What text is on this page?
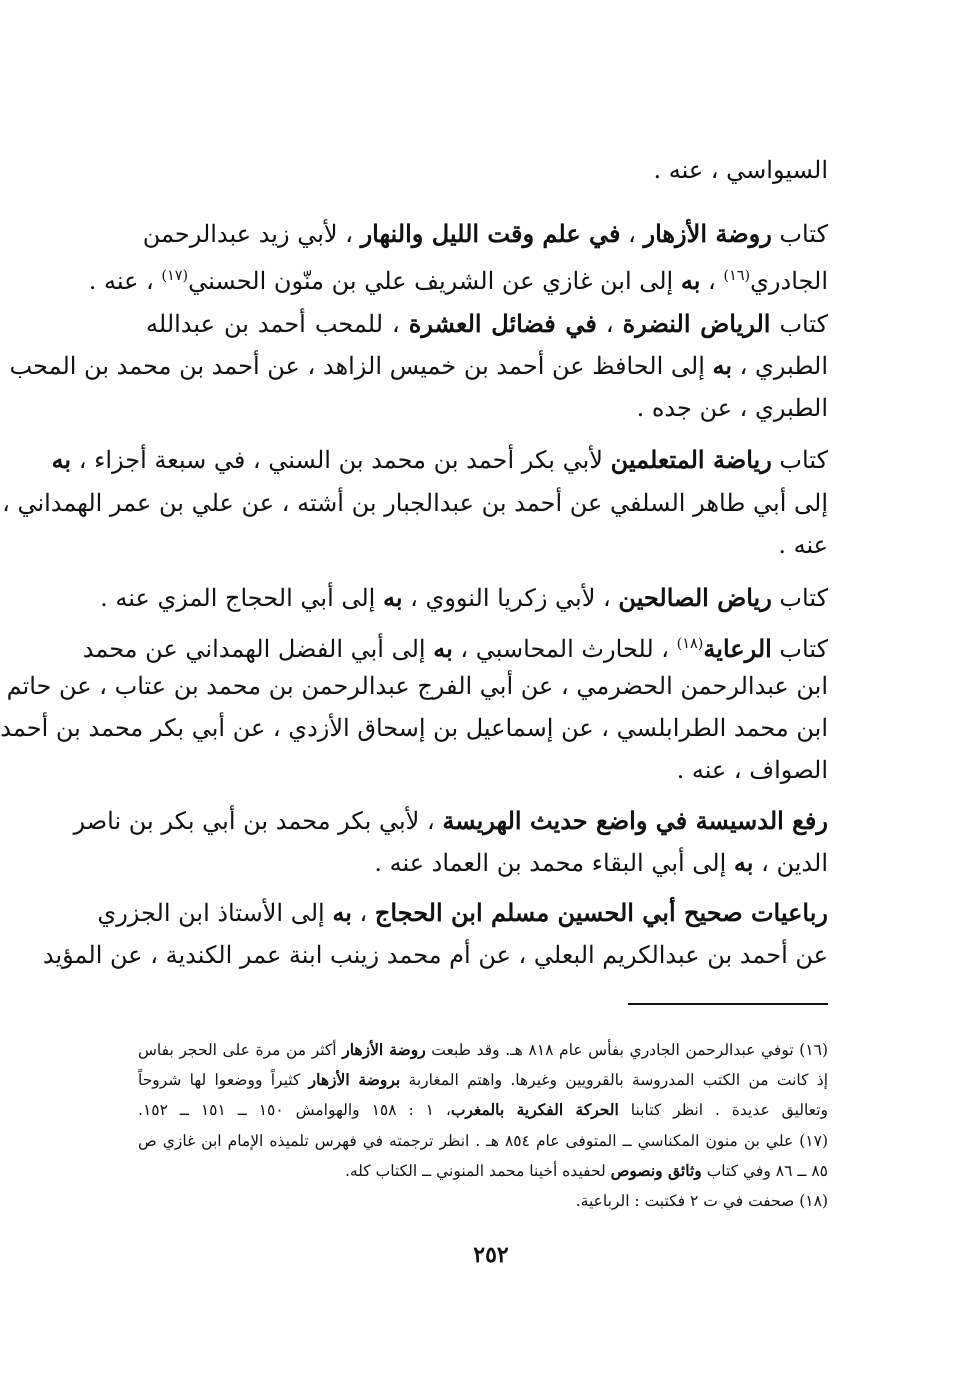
السيواسي ، عنه .
كتاب روضة الأزهار ، في علم وقت الليل والنهار ، لأبي زيد عبدالرحمن
الجادري$^{(١٦)}$ ، به إلى ابن غازي عن الشريف علي بن منّون الحسني$^{(١٧)}$ ، عنه .
كتاب الرياض النضرة ، في فضائل العشرة ، للمحب أحمد بن عبدالله
الطبري ، به إلى الحافظ عن أحمد بن خميس الزاهد ، عن أحمد بن محمد بن المحب
الطبري ، عن جده .
كتاب رياضة المتعلمين لأبي بكر أحمد بن محمد بن السني ، في سبعة أجزاء ، به
إلى أبي طاهر السلفي عن أحمد بن عبدالجبار بن أشته ، عن علي بن عمر الهمداني ،
عنه .
كتاب رياض الصالحين ، لأبي زكريا النووي ، به إلى أبي الحجاج المزي عنه .
كتاب الرعاية$^{(١٨)}$ ، للحارث المحاسبي ، به إلى أبي الفضل الهمداني عن محمد
ابن عبدالرحمن الحضرمي ، عن أبي الفرج عبدالرحمن بن محمد بن عتاب ، عن حاتم
ابن محمد الطرابلسي ، عن إسماعيل بن إسحاق الأزدي ، عن أبي بكر محمد بن أحمد
الصواف ، عنه .
رفع الدسيسة في واضع حديث الهريسة ، لأبي بكر محمد بن أبي بكر بن ناصر
الدين ، به إلى أبي البقاء محمد بن العماد عنه .
رباعيات صحيح أبي الحسين مسلم ابن الحجاج ، به إلى الأستاذ ابن الجزري
عن أحمد بن عبدالكريم البعلي ، عن أم محمد زينب ابنة عمر الكندية ، عن المؤيد
(١٦) توفي عبدالرحمن الجادري بفأس عام ٨١٨ هـ. وقد طبعت روضة الأزهار أكثر من مرة على الحجر بفاس
إذ كانت من الكتب المدروسة بالقرويين وغيرها. واهتم المغاربة بروضة الأزهار كثيراً ووضعوا لها شروحاً
وتعاليق عديدة . انظر كتابنا الحركة الفكرية بالمغرب، ١ : ١٥٨ والهوامش ١٥٠ ــ ١٥١ ــ ١٥٢.
(١٧) علي بن منون المكناسي ــ المتوفى عام ٨٥٤ هـ . انظر ترجمته في فهرس تلميذه الإمام ابن غازي ص
٨٥ ــ ٨٦ وفي كتاب وثائق ونصوص لحفيده أخينا محمد المنوني ــ الكتاب كله.
(١٨) صحفت في ت ٢ فكتبت : الرباعية.
٢٥٢
